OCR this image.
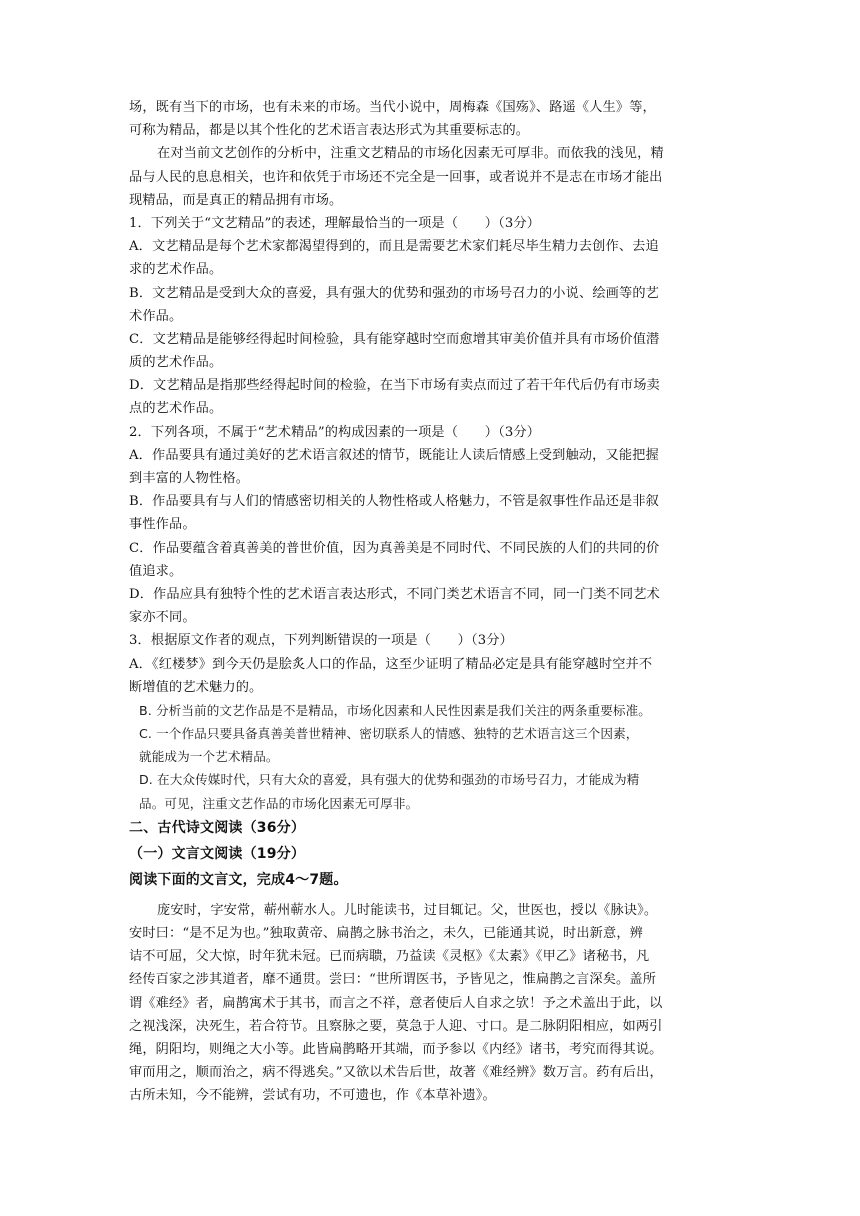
场，既有当下的市场，也有未来的市场。当代小说中，周梅森《国殇》、路遥《人生》等，
可称为精品，都是以其个性化的艺术语言表达形式为其重要标志的。
在对当前文艺创作的分析中，注重文艺精品的市场化因素无可厚非。而依我的浅见，精
品与人民的息息相关，也许和依凭于市场还不完全是一回事，或者说并不是志在市场才能出
现精品，而是真正的精品拥有市场。
1．下列关于“文艺精品”的表述，理解最恰当的一项是（　　）（3分）
A．文艺精品是每个艺术家都渴望得到的，而且是需要艺术家们耗尽毕生精力去创作、去追
求的艺术作品。
B．文艺精品是受到大众的喜爱，具有强大的优势和强劲的市场号召力的小说、绘画等的艺
术作品。
C．文艺精品是能够经得起时间检验，具有能穿越时空而愈增其审美价值并具有市场价值潜
质的艺术作品。
D．文艺精品是指那些经得起时间的检验，在当下市场有卖点而过了若干年代后仍有市场卖
点的艺术作品。
2．下列各项，不属于“艺术精品”的构成因素的一项是（　　）（3分）
A．作品要具有通过美好的艺术语言叙述的情节，既能让人读后情感上受到触动，又能把握
到丰富的人物性格。
B．作品要具有与人们的情感密切相关的人物性格或人格魅力，不管是叙事性作品还是非叙
事性作品。
C．作品要蕴含着真善美的普世价值，因为真善美是不同时代、不同民族的人们的共同的价
值追求。
D．作品应具有独特个性的艺术语言表达形式，不同门类艺术语言不同，同一门类不同艺术
家亦不同。
3．根据原文作者的观点，下列判断错误的一项是（　　）（3分）
A．《红楼梦》到今天仍是脍炙人口的作品，这至少证明了精品必定是具有能穿越时空并不
断增值的艺术魅力的。
B. 分析当前的文艺作品是不是精品，市场化因素和人民性因素是我们关注的两条重要标准。
C. 一个作品只要具备真善美普世精神、密切联系人的情感、独特的艺术语言这三个因素，
就能成为一个艺术精品。
D. 在大众传媒时代，只有大众的喜爱，具有强大的优势和强劲的市场号召力，才能成为精
品。可见，注重文艺作品的市场化因素无可厚非。
二、古代诗文阅读（36分）
（一）文言文阅读（19分）
阅读下面的文言文，完成4～7题。
庞安时，字安常，蕲州蕲水人。儿时能读书，过目辄记。父，世医也，授以《脉诀》。
安时曰：“是不足为也。”独取黄帝、扁鹊之脉书治之，未久，已能通其说，时出新意，辨
诘不可屈，父大惊，时年犹未冠。已而病聩，乃益读《灵枢》《太素》《甲乙》诸秘书，凡
经传百家之涉其道者，靡不通贯。尝曰：“世所谓医书，予皆见之，惟扁鹊之言深矣。盖所
谓《难经》者，扁鹊寓术于其书，而言之不祥，意者使后人自求之欤！予之术盖出于此，以
之视浅深，决死生，若合符节。且察脉之要，莫急于人迎、寸口。是二脉阴阳相应，如两引
绳，阴阳均，则绳之大小等。此皆扁鹊略开其端，而予参以《内经》诸书，考究而得其说。
审而用之，顺而治之，病不得逃矣。”又欲以术告后世，故著《难经辨》数万言。药有后出，
古所未知，今不能辨，尝试有功，不可遗也，作《本草补遗》。
